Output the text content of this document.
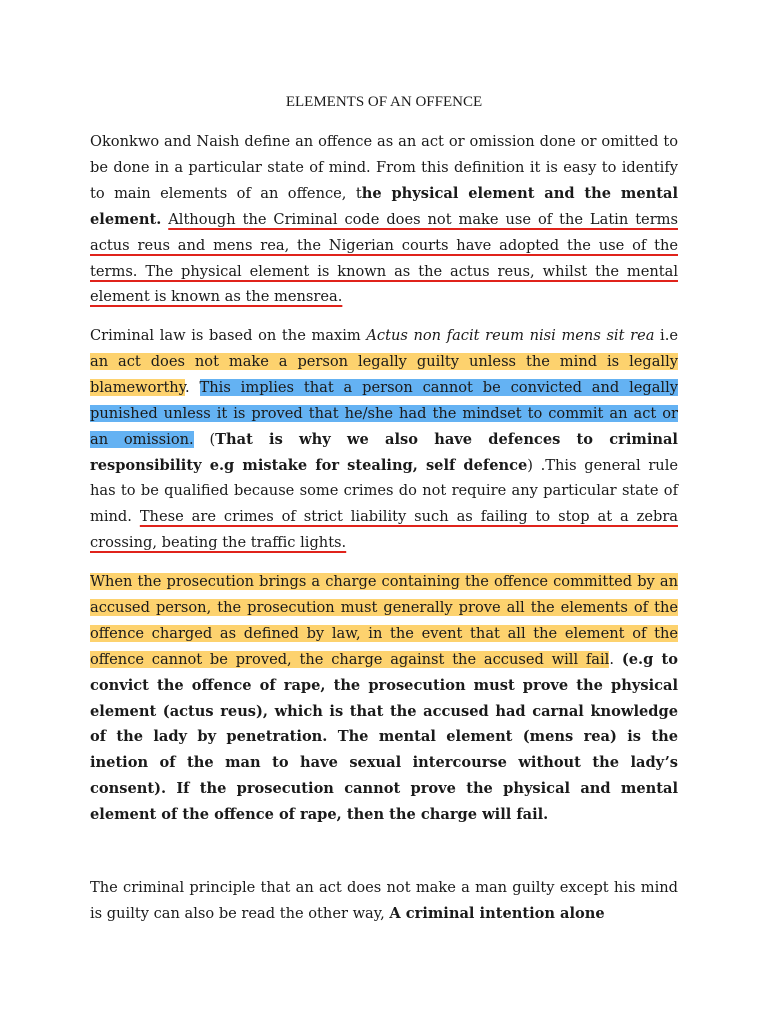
ELEMENTS OF AN OFFENCE

Okonkwo and Naish define an offence as an act or omission done or omitted to be done in a particular state of mind. From this definition it is easy to identify to main elements of an offence, the physical element and the mental element. Although the Criminal code does not make use of the Latin terms actus reus and mens rea, the Nigerian courts have adopted the use of the terms. The physical element is known as the actus reus, whilst the mental element is known as the mensrea.

Criminal law is based on the maxim Actus non facit reum nisi mens sit rea i.e an act does not make a person legally guilty unless the mind is legally blameworthy. This implies that a person cannot be convicted and legally punished unless it is proved that he/she had the mindset to commit an act or an omission. (That is why we also have defences to criminal responsibility e.g mistake for stealing, self defence) .This general rule has to be qualified because some crimes do not require any particular state of mind. These are crimes of strict liability such as failing to stop at a zebra crossing, beating the traffic lights.

When the prosecution brings a charge containing the offence committed by an accused person, the prosecution must generally prove all the elements of the offence charged as defined by law, in the event that all the element of the offence cannot be proved, the charge against the accused will fail. (e.g to convict the offence of rape, the prosecution must prove the physical element (actus reus), which is that the accused had carnal knowledge of the lady by penetration. The mental element (mens rea) is the inetion of the man to have sexual intercourse without the lady’s consent). If the prosecution cannot prove the physical and mental element of the offence of rape, then the charge will fail.

The criminal principle that an act does not make a man guilty except his mind is guilty can also be read the other way, A criminal intention alone
